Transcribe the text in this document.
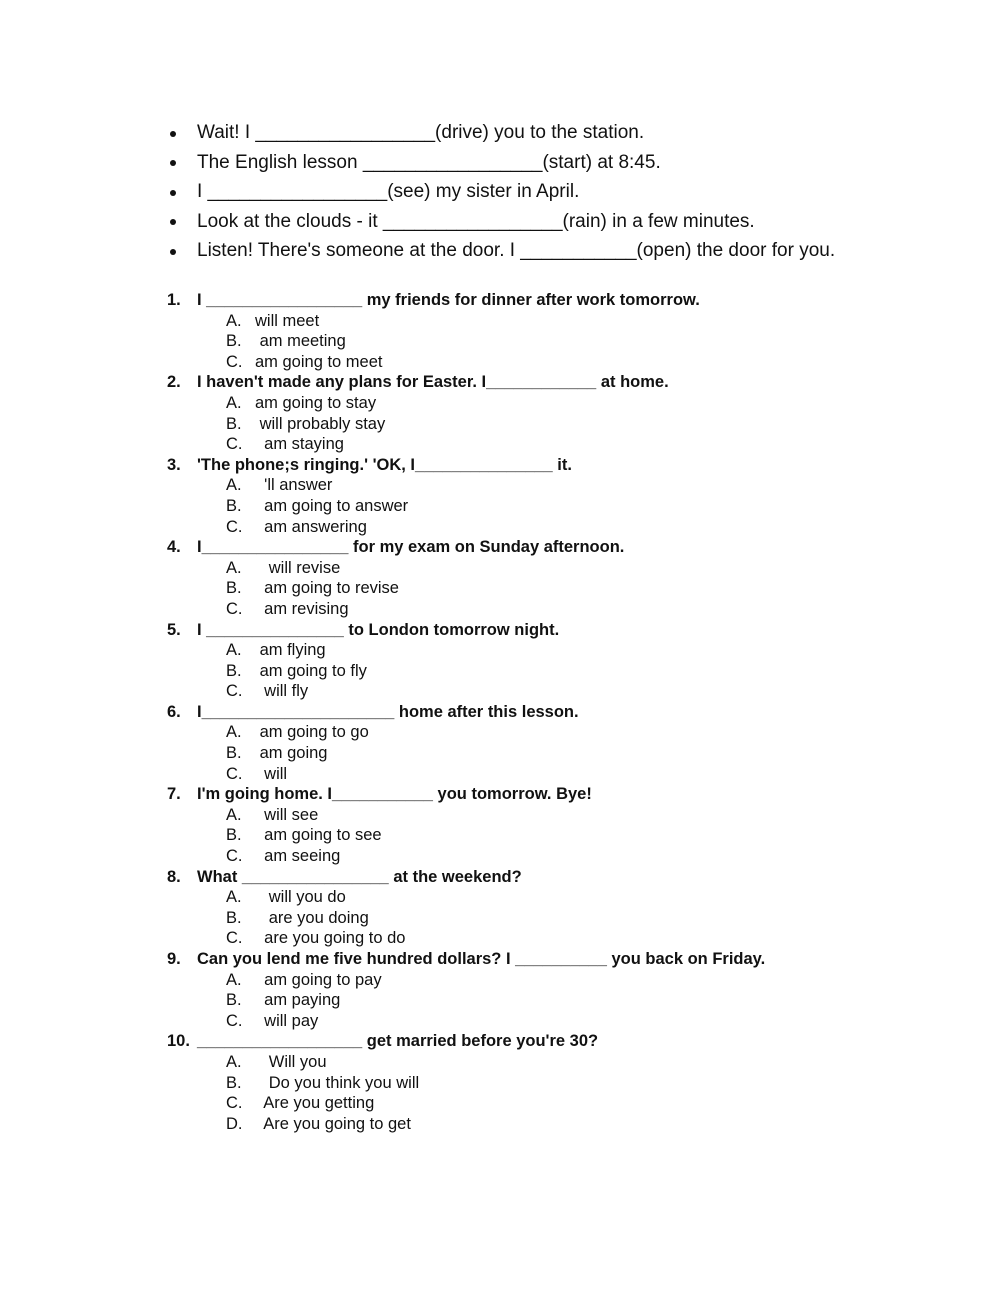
Wait! I _________________(drive) you to the station.
The English lesson _________________(start) at 8:45.
I _________________(see) my sister in April.
Look at the clouds - it _________________(rain) in a few minutes.
Listen! There's someone at the door. I ___________(open) the door for you.
1. I _________________ my friends for dinner after work tomorrow.
A. will meet
B. am meeting
C. am going to meet
2. I haven't made any plans for Easter. I____________ at home.
A. am going to stay
B. will probably stay
C. am staying
3. 'The phone;s ringing.' 'OK, I_______________ it.
A. 'll answer
B. am going to answer
C. am answering
4. I________________ for my exam on Sunday afternoon.
A. will revise
B. am going to revise
C. am revising
5. I _______________ to London tomorrow night.
A. am flying
B. am going to fly
C. will fly
6. I_____________________ home after this lesson.
A. am going to go
B. am going
C. will
7. I'm going home. I___________ you tomorrow. Bye!
A. will see
B. am going to see
C. am seeing
8. What ________________ at the weekend?
A. will you do
B. are you doing
C. are you going to do
9. Can you lend me five hundred dollars? I __________ you back on Friday.
A. am going to pay
B. am paying
C. will pay
10. __________________ get married before you're 30?
A. Will you
B. Do you think you will
C. Are you getting
D. Are you going to get
